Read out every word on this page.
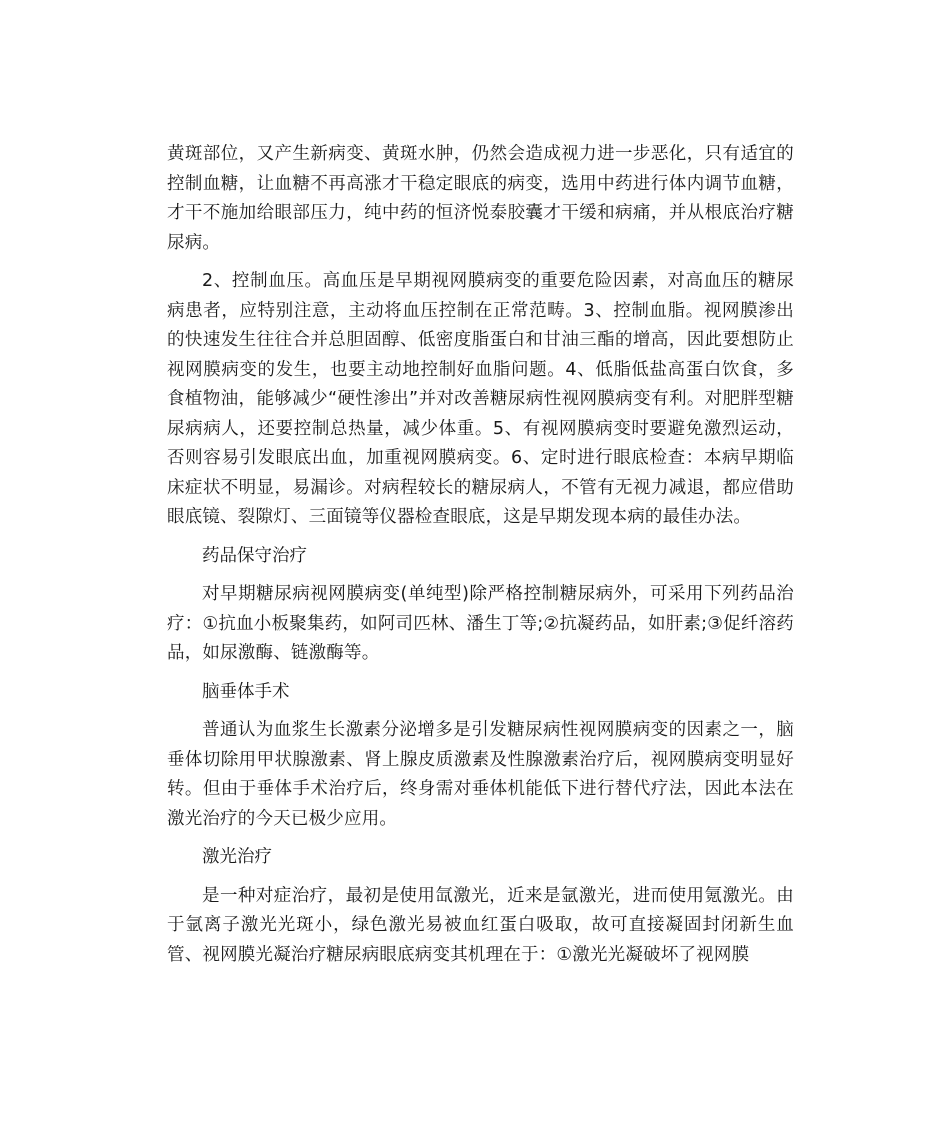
黄斑部位，又产生新病变、黄斑水肿，仍然会造成视力进一步恶化，只有适宜的控制血糖，让血糖不再高涨才干稳定眼底的病变，选用中药进行体内调节血糖，才干不施加给眼部压力，纯中药的恒济悦泰胶囊才干缓和病痛，并从根底治疗糖尿病。

2、控制血压。高血压是早期视网膜病变的重要危险因素，对高血压的糖尿病患者，应特别注意，主动将血压控制在正常范畴。3、控制血脂。视网膜渗出的快速发生往往合并总胆固醇、低密度脂蛋白和甘油三酯的增高，因此要想防止视网膜病变的发生，也要主动地控制好血脂问题。4、低脂低盐高蛋白饮食，多食植物油，能够减少“硬性渗出”并对改善糖尿病性视网膜病变有利。对肥胖型糖尿病病人，还要控制总热量，减少体重。5、有视网膜病变时要避免激烈运动，否则容易引发眼底出血，加重视网膜病变。6、定时进行眼底检查：本病早期临床症状不明显，易漏诊。对病程较长的糖尿病人，不管有无视力减退，都应借助眼底镜、裂隙灯、三面镜等仪器检查眼底，这是早期发现本病的最佳办法。

药品保守治疗

对早期糖尿病视网膜病变(单纯型)除严格控制糖尿病外，可采用下列药品治疗：①抗血小板聚集药，如阿司匹林、潘生丁等;②抗凝药品，如肝素;③促纤溶药品，如尿激酶、链激酶等。

脑垂体手术

普通认为血浆生长激素分泌增多是引发糖尿病性视网膜病变的因素之一，脑垂体切除用甲状腺激素、肾上腺皮质激素及性腺激素治疗后，视网膜病变明显好转。但由于垂体手术治疗后，终身需对垂体机能低下进行替代疗法，因此本法在激光治疗的今天已极少应用。

激光治疗

是一种对症治疗，最初是使用氙激光，近来是氩激光，进而使用氪激光。由于氩离子激光光斑小，绿色激光易被血红蛋白吸取，故可直接凝固封闭新生血管、视网膜光凝治疗糖尿病眼底病变其机理在于：①激光光凝破坏了视网膜
